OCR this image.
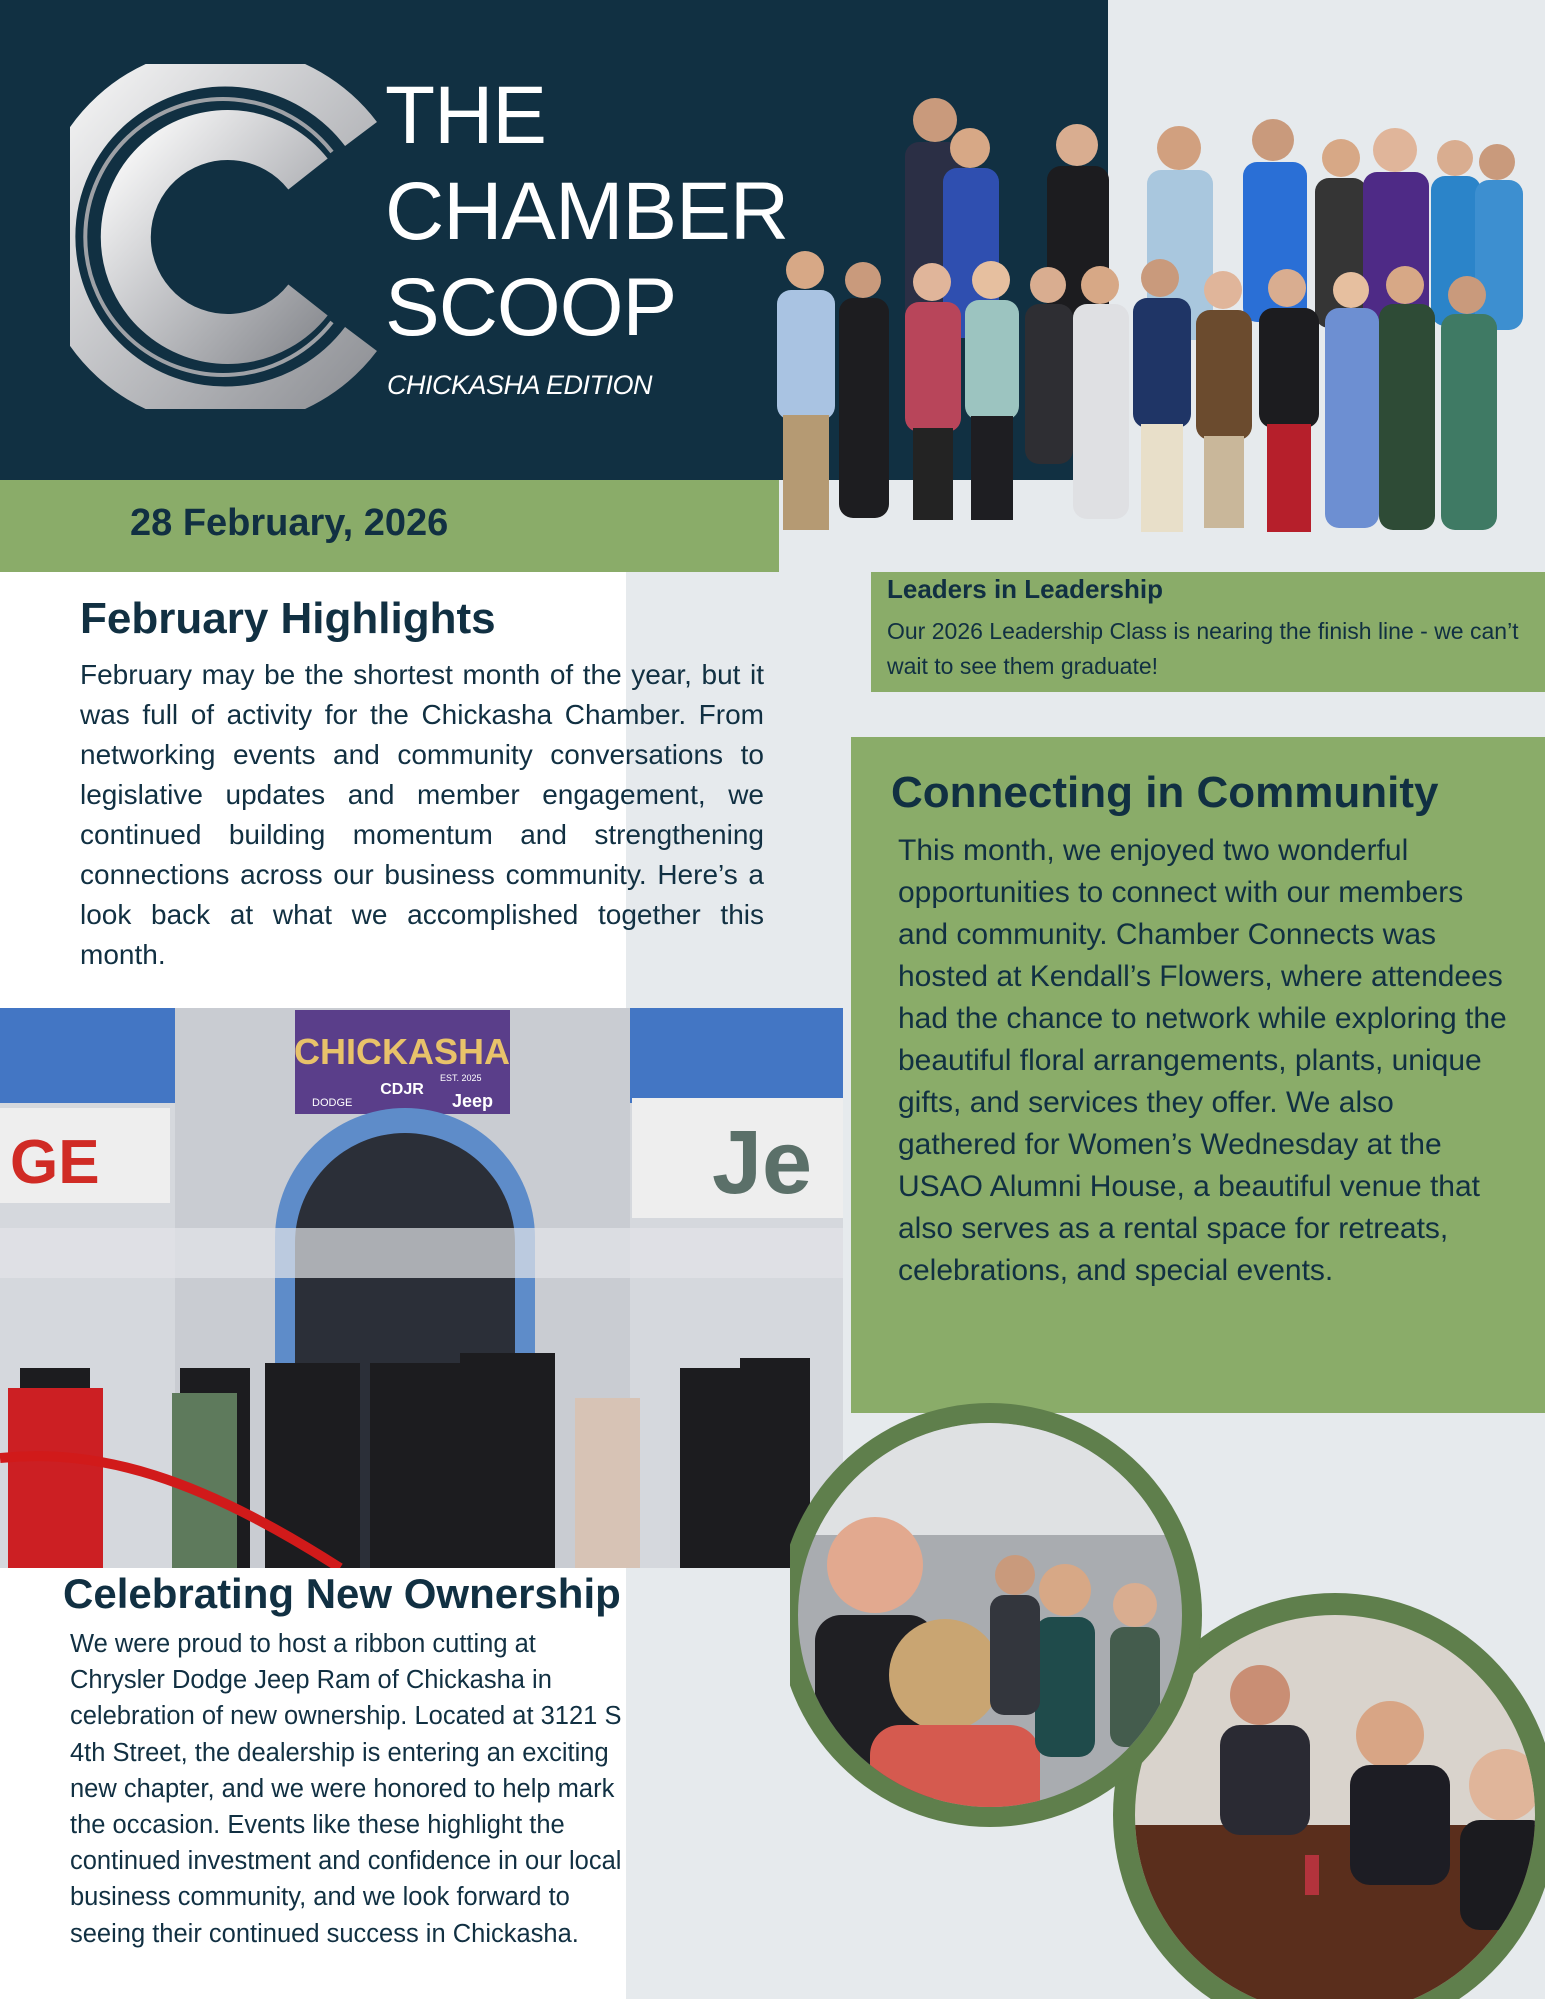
THE
CHAMBER
SCOOP
CHICKASHA EDITION
28 February, 2026
Leaders in Leadership
Our 2026 Leadership Class is nearing the finish line - we can’t wait to see them graduate!
February Highlights

February may be the shortest month of the year, but it was full of activity for the Chickasha Chamber. From networking events and community conversations to legislative updates and member engagement, we continued building momentum and strengthening connections across our business community. Here’s a look back at what we accomplished together this month.

GE	Je
CHICKASHA
CDJR
EST. 2025
DODGE	Jeep
Connecting in Community

This month, we enjoyed two wonderful opportunities to connect with our members and community. Chamber Connects was hosted at Kendall’s Flowers, where attendees had the chance to network while exploring the beautiful floral arrangements, plants, unique gifts, and services they offer. We also gathered for Women’s Wednesday at the USAO Alumni House, a beautiful venue that also serves as a rental space for retreats, celebrations, and special events.

Celebrating New Ownership

We were proud to host a ribbon cutting at Chrysler Dodge Jeep Ram of Chickasha in celebration of new ownership. Located at 3121 S 4th Street, the dealership is entering an exciting new chapter, and we were honored to help mark the occasion. Events like these highlight the continued investment and confidence in our local business community, and we look forward to seeing their continued success in Chickasha.
